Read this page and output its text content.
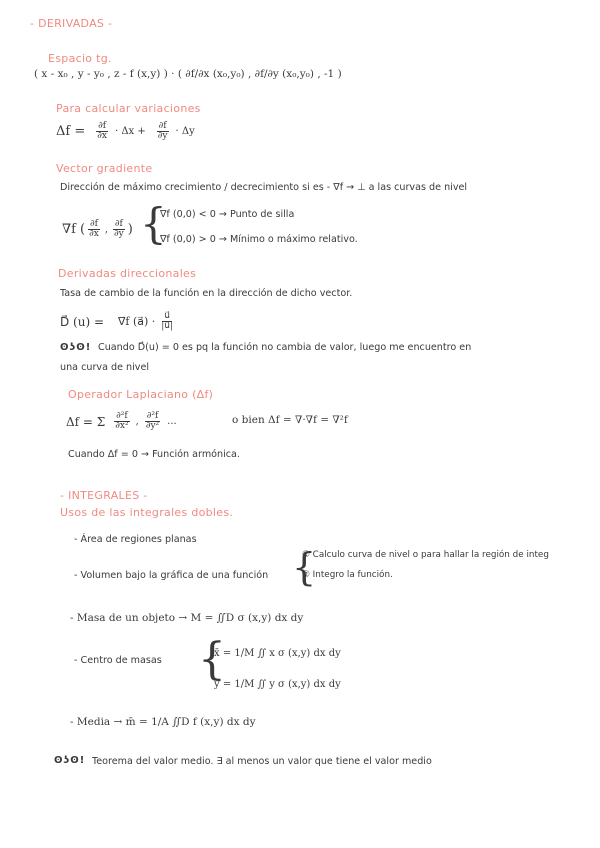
- DERIVADAS -
Espacio tg.
( x - x₀ , y - y₀ , z - f (x,y) ) · ( ∂f/∂x (x₀,y₀) , ∂f/∂y (x₀,y₀) , -1 )
Para calcular variaciones
$\Delta f = \frac{\partial f}{\partial x} \cdot \Delta x + \frac{\partial f}{\partial y} \cdot \Delta y$
Vector gradiente
Dirección de máximo crecimiento / decrecimiento si es - ∇f → ⊥ a las curvas de nivel
∇f ( $\frac{\partial f}{\partial x}$ , $\frac{\partial f}{\partial y}$ ) {
∇f (0,0) < 0 → Punto de silla
∇f (0,0) > 0 → Mínimo o máximo relativo.
Derivadas direccionales
Tasa de cambio de la función en la dirección de dicho vector.
D⃗ (u) = ∇⃗f (a⃗) · $\frac{u⃗}{|u⃗|}$
ʘʖʘ! Cuando D⃗(u) = 0 es pq la función no cambia de valor, luego me encuentro en
una curva de nivel
Operador Laplaciano (Δf)
Δf = Σ $\frac{\text{∂²f}}{\text{∂x²}}$ , $\frac{\text{∂²f}}{\text{∂y²}}$ ...	o bien Δf = ∇·∇f = ∇²f
Cuando Δf = 0 → Función armónica.
- INTEGRALES -
Usos de las integrales dobles.
- Área de regiones planas
- Volumen bajo la gráfica de una función {
① Calculo curva de nivel o para hallar la región de integ
② Integro la función.
- Masa de un objeto → M = ∬D σ (x,y) dx dy
- Centro de masas {
x̄ = 1/M ∬ x σ (x,y) dx dy
ȳ = 1/M ∬ y σ (x,y) dx dy
- Media → m̄ = 1/A ∬D f (x,y) dx dy
ʘʖʘ! Teorema del valor medio. ∃ al menos un valor que tiene el valor medio
